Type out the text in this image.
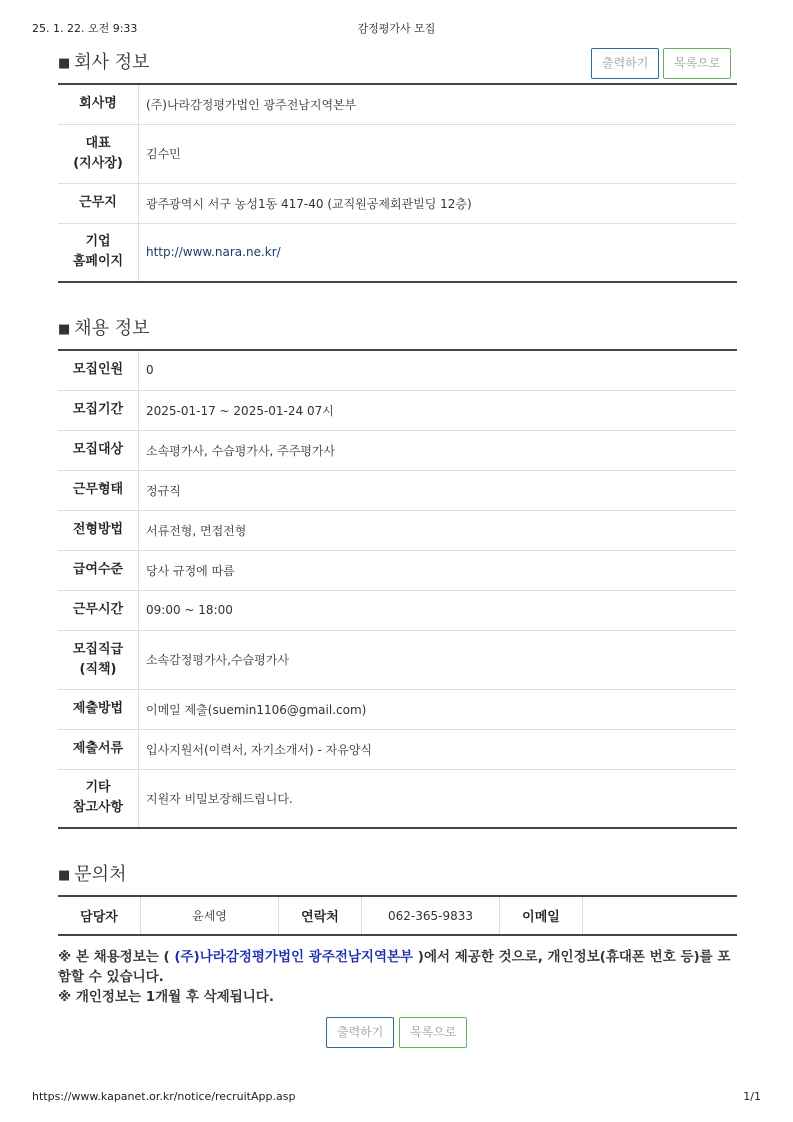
25. 1. 22. 오전 9:33	감정평가사 모집
■ 회사 정보	출력하기	목록으로
회사명	(주)나라감정평가법인 광주전남지역본부
대표
(지사장)	김수민
근무지	광주광역시 서구 농성1동 417-40 (교직원공제회관빌딩 12층)
기업
홈페이지	http://www.nara.ne.kr/
■ 채용 정보
모집인원	0
모집기간	2025-01-17 ~ 2025-01-24 07시
모집대상	소속평가사, 수습평가사, 주주평가사
근무형태	정규직
전형방법	서류전형, 면접전형
급여수준	당사 규정에 따름
근무시간	09:00 ~ 18:00
모집직급
(직책)	소속감정평가사,수습평가사
제출방법	이메일 제출(suemin1106@gmail.com)
제출서류	입사지원서(이력서, 자기소개서) - 자유양식
기타
참고사항	지원자 비밀보장해드립니다.
■ 문의처
담당자	윤세영	연락처	062-365-9833	이메일	
※ 본 채용정보는 ( (주)나라감정평가법인 광주전남지역본부 )에서 제공한 것으로, 개인정보(휴대폰 번호 등)를 포함할 수 있습니다.
※ 개인정보는 1개월 후 삭제됩니다.
출력하기	목록으로
https://www.kapanet.or.kr/notice/recruitApp.asp	1/1
